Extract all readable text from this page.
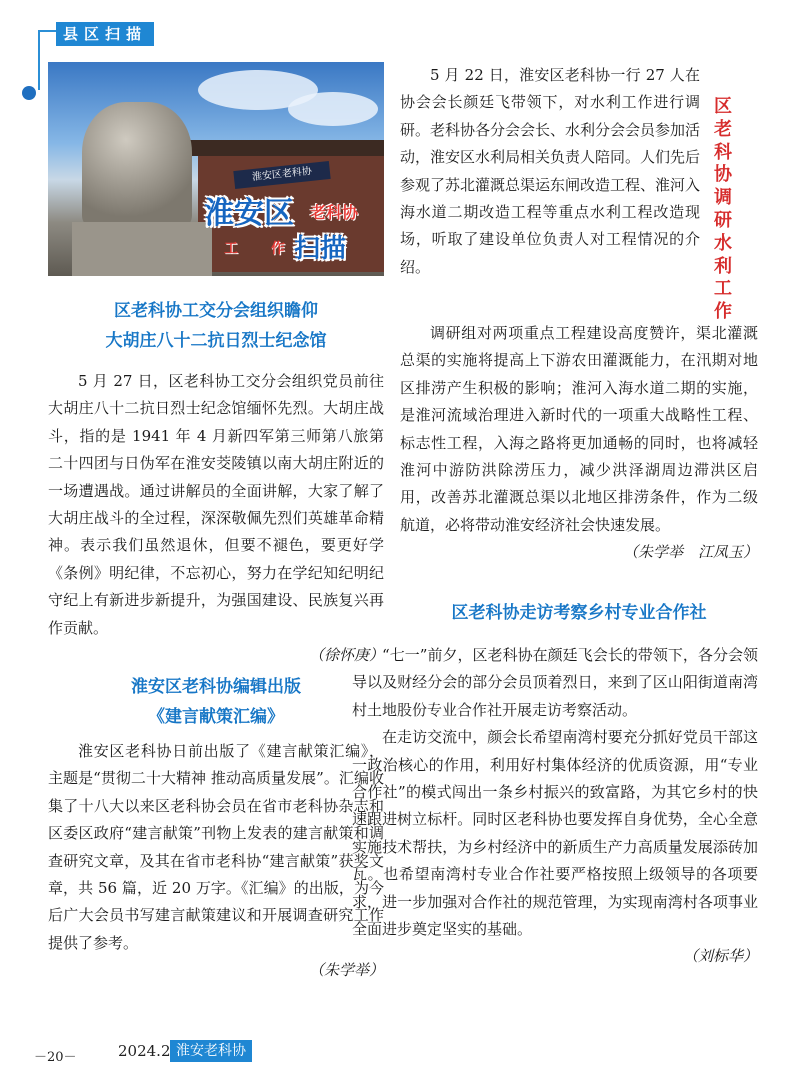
县区扫描
淮安区老科协
淮安区 老科协
工 作
扫描
区老科协工交分会组织瞻仰
大胡庄八十二抗日烈士纪念馆

5 月 27 日，区老科协工交分会组织党员前往大胡庄八十二抗日烈士纪念馆缅怀先烈。大胡庄战斗，指的是 1941 年 4 月新四军第三师第八旅第二十四团与日伪军在淮安茭陵镇以南大胡庄附近的一场遭遇战。通过讲解员的全面讲解，大家了解了大胡庄战斗的全过程，深深敬佩先烈们英雄革命精神。表示我们虽然退休，但要不褪色，要更好学《条例》明纪律，不忘初心，努力在学纪知纪明纪守纪上有新进步新提升，为强国建设、民族复兴再作贡献。

（徐怀庚）
淮安区老科协编辑出版
《建言献策汇编》

淮安区老科协日前出版了《建言献策汇编》，主题是“贯彻二十大精神 推动高质量发展”。汇编收集了十八大以来区老科协会员在省市老科协杂志和区委区政府“建言献策”刊物上发表的建言献策和调查研究文章，及其在省市老科协“建言献策”获奖文章，共 56 篇，近 20 万字。《汇编》的出版，为今后广大会员书写建言献策建议和开展调查研究工作提供了参考。

（朱学举）
区老科协调研水利工作

5 月 22 日，淮安区老科协一行 27 人在协会会长颜廷飞带领下，对水利工作进行调研。老科协各分会会长、水利分会会员参加活动，淮安区水利局相关负责人陪同。人们先后参观了苏北灌溉总渠运东闸改造工程、淮河入海水道二期改造工程等重点水利工程改造现场，听取了建设单位负责人对工程情况的介绍。

调研组对两项重点工程建设高度赞许，渠北灌溉总渠的实施将提高上下游农田灌溉能力，在汛期对地区排涝产生积极的影响；淮河入海水道二期的实施，是淮河流域治理进入新时代的一项重大战略性工程、标志性工程，入海之路将更加通畅的同时，也将减轻淮河中游防洪除涝压力，减少洪泽湖周边滞洪区启用，改善苏北灌溉总渠以北地区排涝条件，作为二级航道，必将带动淮安经济社会快速发展。

（朱学举　江凤玉）
区老科协走访考察乡村专业合作社

“七一”前夕，区老科协在颜廷飞会长的带领下，各分会领导以及财经分会的部分会员顶着烈日，来到了区山阳街道南湾村土地股份专业合作社开展走访考察活动。

在走访交流中，颜会长希望南湾村要充分抓好党员干部这一政治核心的作用，利用好村集体经济的优质资源，用“专业合作社”的模式闯出一条乡村振兴的致富路，为其它乡村的快速跟进树立标杆。同时区老科协也要发挥自身优势，全心全意实施技术帮扶，为乡村经济中的新质生产力高质量发展添砖加瓦。也希望南湾村专业合作社要严格按照上级领导的各项要求，进一步加强对合作社的规范管理，为实现南湾村各项事业全面进步奠定坚实的基础。

（刘标华）
－20－	2024.2 淮安老科协
